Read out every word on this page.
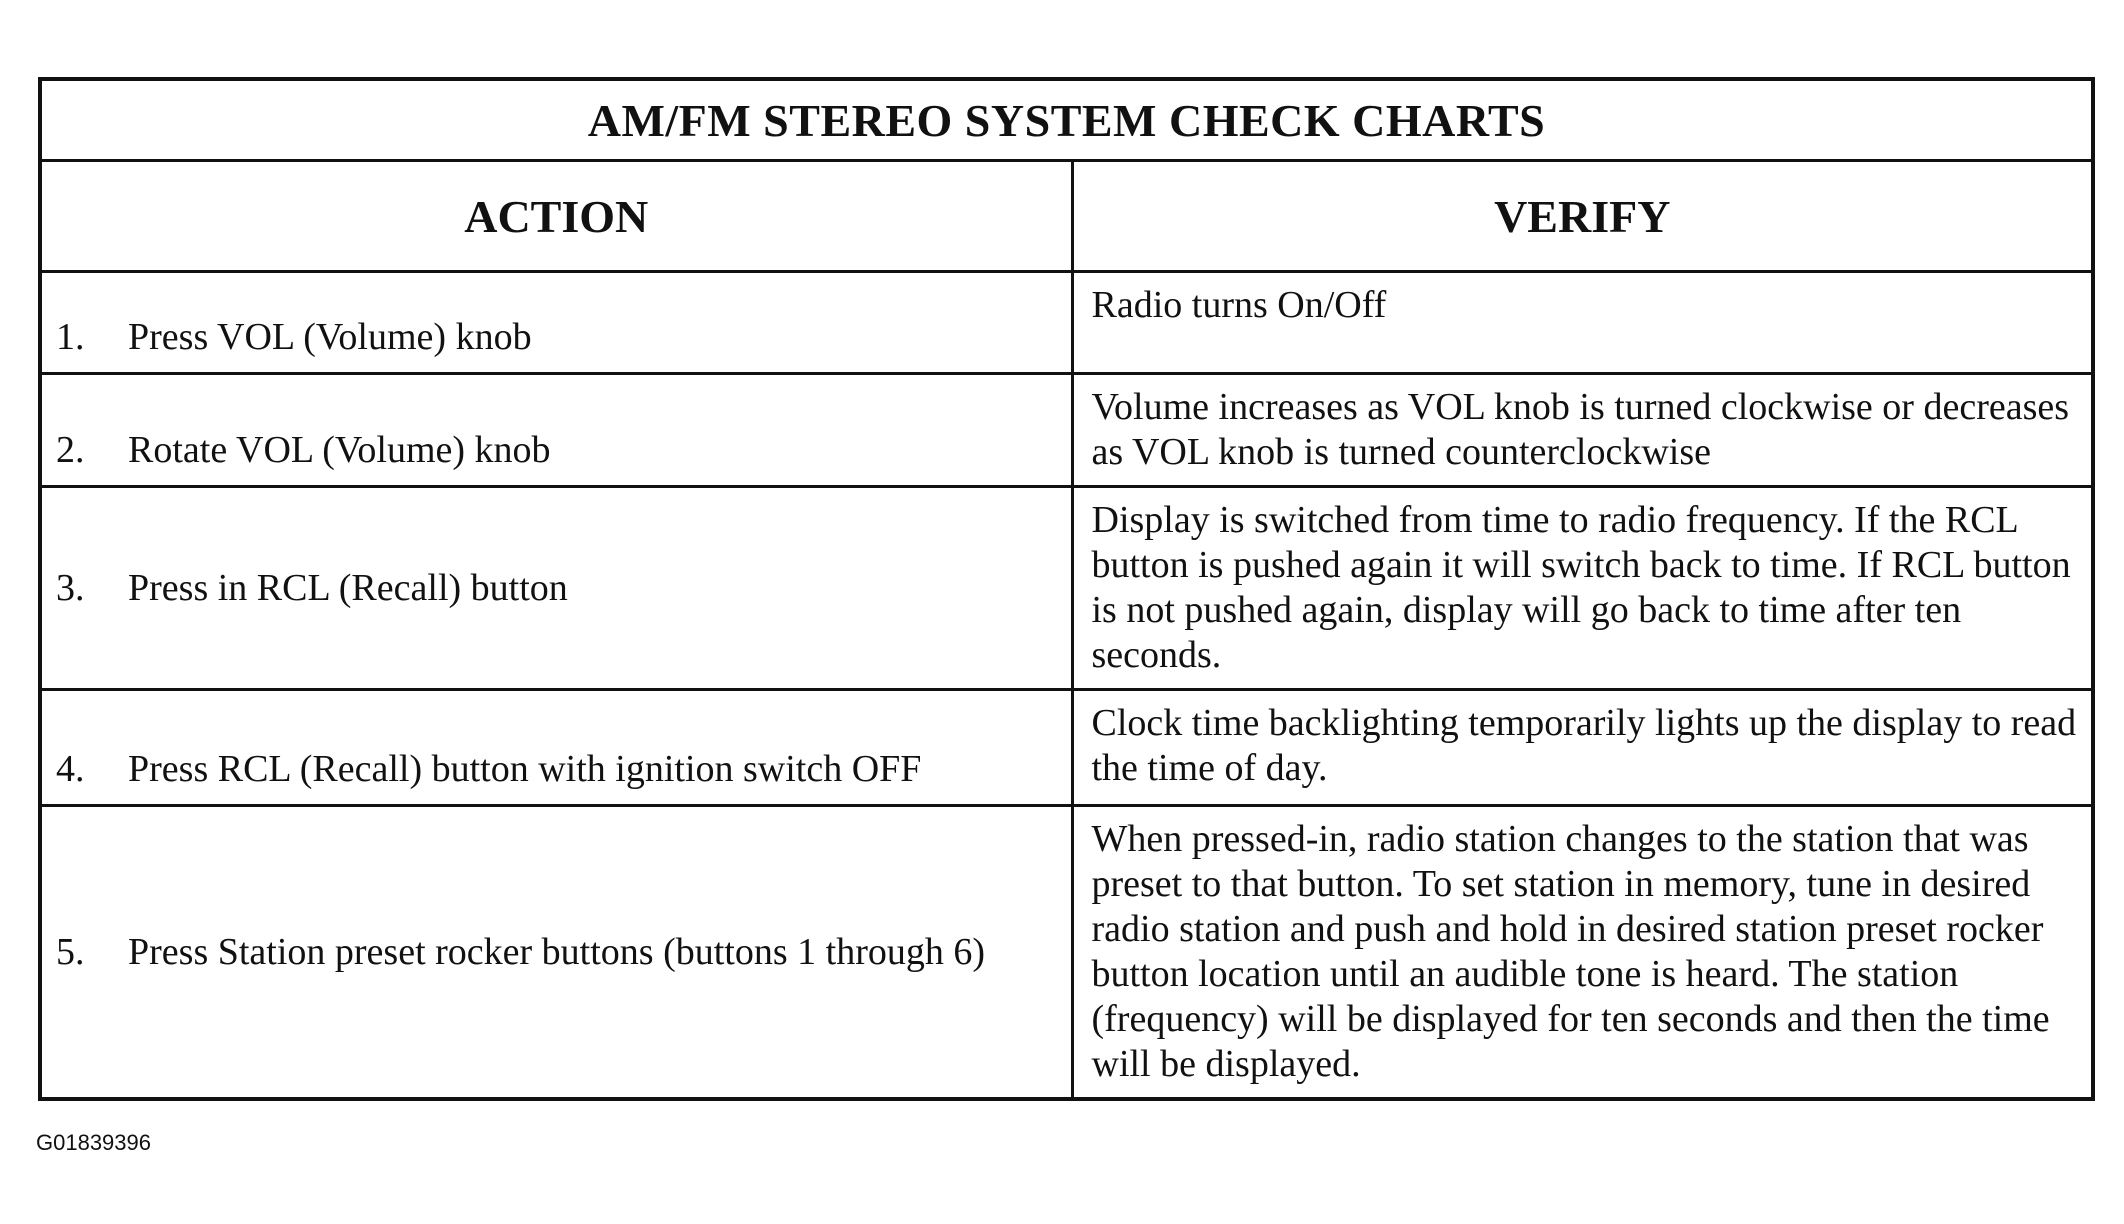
AM/FM STEREO SYSTEM CHECK CHARTS	
ACTION	VERIFY
1. Press VOL (Volume) knob	Radio turns On/Off
2. Rotate VOL (Volume) knob	Volume increases as VOL knob is turned clockwise or decreases as VOL knob is turned counterclockwise
3. Press in RCL (Recall) button	Display is switched from time to radio frequency. If the RCL button is pushed again it will switch back to time. If RCL button is not pushed again, display will go back to time after ten seconds.
4. Press RCL (Recall) button with ignition switch OFF	Clock time backlighting temporarily lights up the display to read the time of day.
5. Press Station preset rocker buttons (buttons 1 through 6)	When pressed-in, radio station changes to the station that was preset to that button. To set station in memory, tune in desired radio station and push and hold in desired station preset rocker button location until an audible tone is heard. The station (frequency) will be displayed for ten seconds and then the time will be displayed.
G01839396
